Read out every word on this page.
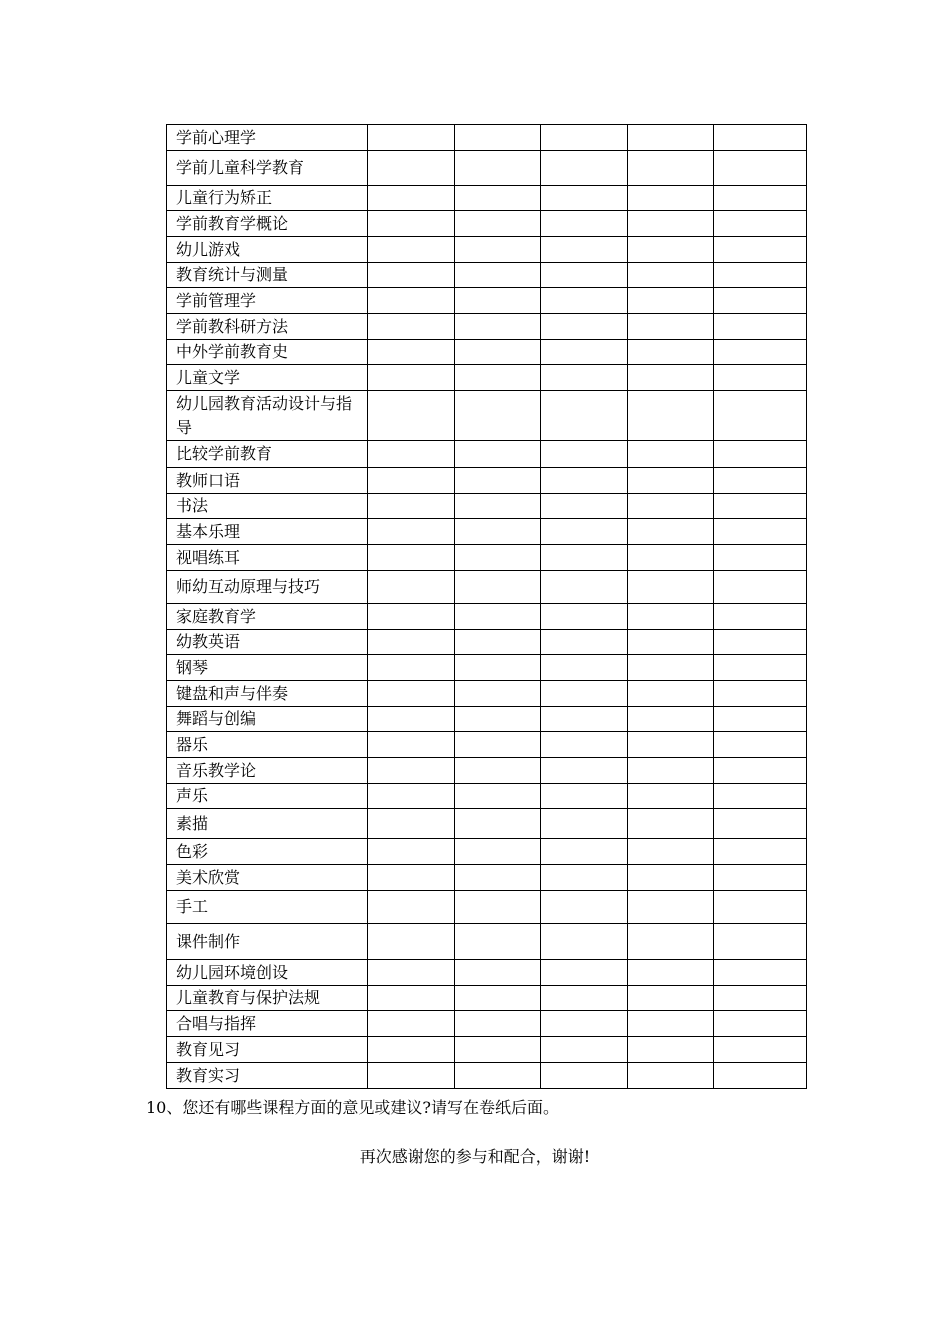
学前心理学					
学前儿童科学教育					
儿童行为矫正					
学前教育学概论					
幼儿游戏					
教育统计与测量					
学前管理学					
学前教科研方法					
中外学前教育史					
儿童文学					
幼儿园教育活动设计与指导					
比较学前教育					
教师口语					
书法					
基本乐理					
视唱练耳					
师幼互动原理与技巧					
家庭教育学					
幼教英语					
钢琴					
键盘和声与伴奏					
舞蹈与创编					
器乐					
音乐教学论					
声乐					
素描					
色彩					
美术欣赏					
手工					
课件制作					
幼儿园环境创设					
儿童教育与保护法规					
合唱与指挥					
教育见习					
教育实习					
10、您还有哪些课程方面的意见或建议?请写在卷纸后面。
再次感谢您的参与和配合，谢谢!
